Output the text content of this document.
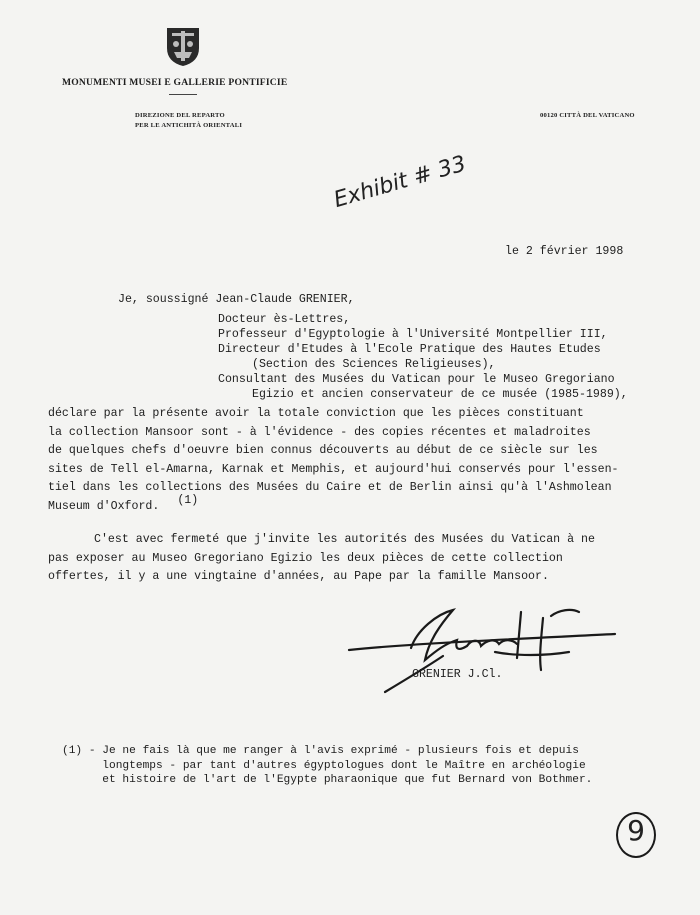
MONUMENTI MUSEI E GALLERIE PONTIFICIE
DIREZIONE DEL REPARTO
PER LE ANTICHITÀ ORIENTALI
00120 CITTÀ DEL VATICANO
Exhibit # 33
le 2 février 1998
Je, soussigné Jean-Claude GRENIER,
Docteur ès-Lettres,
Professeur d'Egyptologie à l'Université Montpellier III,
Directeur d'Etudes à l'Ecole Pratique des Hautes Etudes
(Section des Sciences Religieuses),
Consultant des Musées du Vatican pour le Museo Gregoriano
Egizio et ancien conservateur de ce musée (1985-1989),
déclare par la présente avoir la totale conviction que les pièces constituant
la collection Mansoor sont - à l'évidence - des copies récentes et maladroites
de quelques chefs d'oeuvre bien connus découverts au début de ce siècle sur les
sites de Tell el-Amarna, Karnak et Memphis, et aujourd'hui conservés pour l'essen-
tiel dans les collections des Musées du Caire et de Berlin ainsi qu'à l'Ashmolean
Museum d'Oxford. (1)
C'est avec fermeté que j'invite les autorités des Musées du Vatican à ne
pas exposer au Museo Gregoriano Egizio les deux pièces de cette collection
offertes, il y a une vingtaine d'années, au Pape par la famille Mansoor.
GRENIER J.Cl.
(1) - Je ne fais là que me ranger à l'avis exprimé - plusieurs fois et depuis
longtemps - par tant d'autres égyptologues dont le Maître en archéologie
et histoire de l'art de l'Egypte pharaonique que fut Bernard von Bothmer.
9
